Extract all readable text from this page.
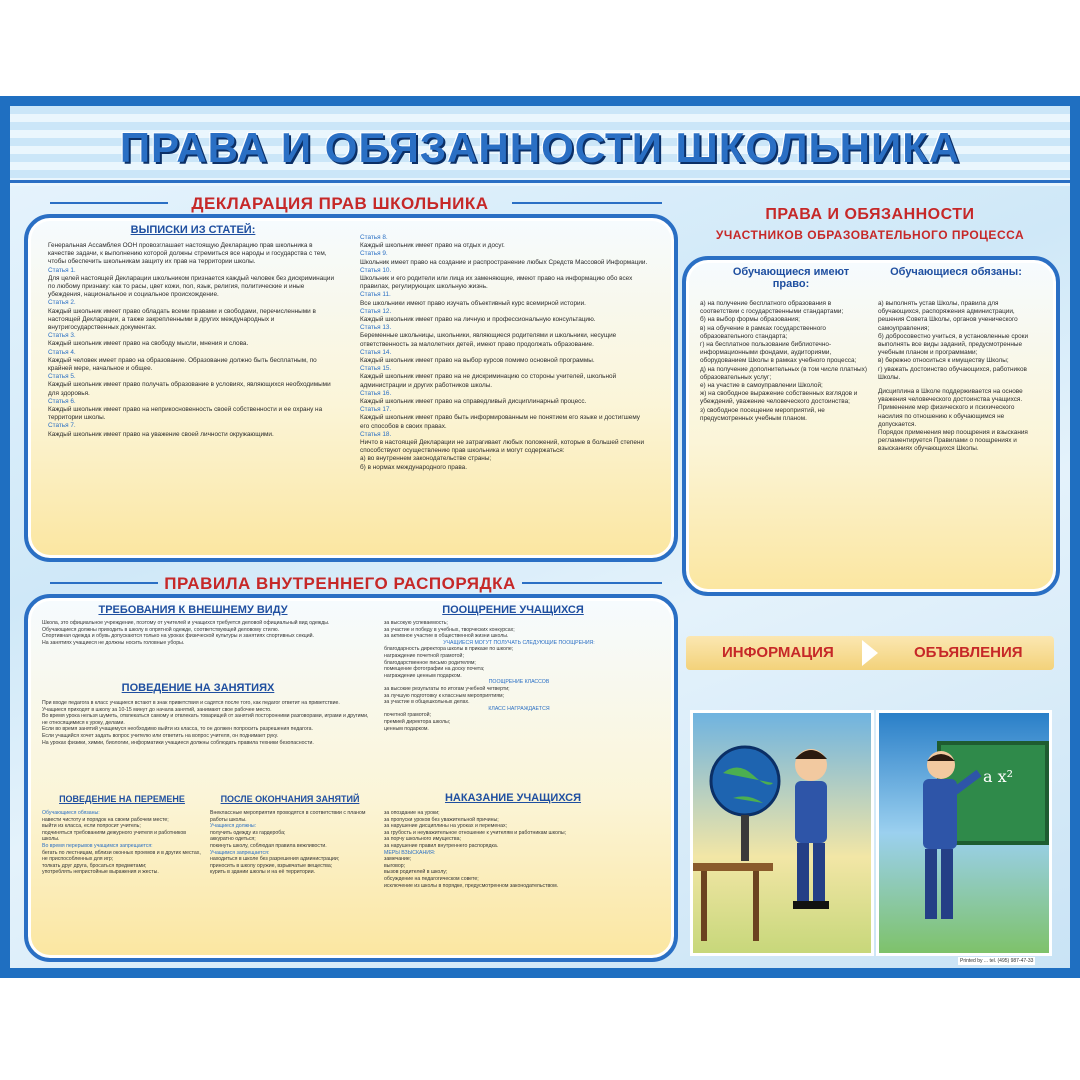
ПРАВА И ОБЯЗАННОСТИ ШКОЛЬНИКА
ДЕКЛАРАЦИЯ ПРАВ ШКОЛЬНИКА
ВЫПИСКИ ИЗ СТАТЕЙ:

Генеральная Ассамблея ООН провозглашает настоящую Декларацию прав школьника в качестве задачи, к выполнению которой должны стремиться все народы и государства с тем, чтобы обеспечить школьникам защиту их прав на территории школы.

Статья 1.

Для целей настоящей Декларации школьником признается каждый человек без дискриминации по любому признаку: как то расы, цвет кожи, пол, язык, религия, политические и иные убеждения, национальное и социальное происхождение.

Статья 2.

Каждый школьник имеет право обладать всеми правами и свободами, перечисленными в настоящей Декларации, а также закрепленными в других международных и внутригосударственных документах.

Статья 3.

Каждый школьник имеет право на свободу мысли, мнения и слова.

Статья 4.

Каждый человек имеет право на образование. Образование должно быть бесплатным, по крайней мере, начальное и общее.

Статья 5.

Каждый школьник имеет право получать образование в условиях, являющихся необходимыми для здоровья.

Статья 6.

Каждый школьник имеет право на неприкосновенность своей собственности и ее охрану на территории школы.

Статья 7.

Каждый школьник имеет право на уважение своей личности окружающими.

Статья 8.

Каждый школьник имеет право на отдых и досуг.

Статья 9.

Школьник имеет право на создание и распространение любых Средств Массовой Информации.

Статья 10.

Школьник и его родители или лица их заменяющие, имеют право на информацию обо всех правилах, регулирующих школьную жизнь.

Статья 11.

Все школьники имеют право изучать объективный курс всемирной истории.

Статья 12.

Каждый школьник имеет право на личную и профессиональную консультацию.

Статья 13.

Беременные школьницы, школьники, являющиеся родителями и школьники, несущие ответственность за малолетних детей, имеют право продолжать образование.

Статья 14.

Каждый школьник имеет право на выбор курсов помимо основной программы.

Статья 15.

Каждый школьник имеет право на не дискриминацию со стороны учителей, школьной администрации и других работников школы.

Статья 16.

Каждый школьник имеет право на справедливый дисциплинарный процесс.

Статья 17.

Каждый школьник имеет право быть информированным не понятием его языке и достигшему его способов в своих правах.

Статья 18.

Ничто в настоящей Декларации не затрагивает любых положений, которые в большей степени способствуют осуществлению прав школьника и могут содержаться:

а) во внутреннем законодательстве страны;

б) в нормах международного права.

ПРАВА И ОБЯЗАННОСТИ
УЧАСТНИКОВ ОБРАЗОВАТЕЛЬНОГО ПРОЦЕССА
Обучающиеся имеют право:
Обучающиеся обязаны:

а) на получение бесплатного образования в соответствии с государственными стандартами;

б) на выбор формы образования;

в) на обучение в рамках государственного образовательного стандарта;

г) на бесплатное пользование библиотечно-информационными фондами, аудиториями, оборудованием Школы в рамках учебного процесса;

д) на получение дополнительных (в том числе платных) образовательных услуг;

е) на участие в самоуправлении Школой;

ж) на свободное выражение собственных взглядов и убеждений, уважение человеческого достоинства;

з) свободное посещение мероприятий, не предусмотренных учебным планом.

а) выполнять устав Школы, правила для обучающихся, распоряжения администрации, решения Совета Школы, органов ученического самоуправления;

б) добросовестно учиться, в установленные сроки выполнять все виды заданий, предусмотренные учебным планом и программами;

в) бережно относиться к имуществу Школы;

г) уважать достоинство обучающихся, работников Школы.

Дисциплина в Школе поддерживается на основе уважения человеческого достоинства учащихся.

Применение мер физического и психического насилия по отношению к обучающимся не допускается.

Порядок применения мер поощрения и взыскания регламентируется Правилами о поощрениях и взысканиях обучающихся Школы.

ПРАВИЛА ВНУТРЕННЕГО РАСПОРЯДКА
ТРЕБОВАНИЯ К ВНЕШНЕМУ ВИДУ

Школа, это официальное учреждение, поэтому от учителей и учащихся требуется деловой официальный вид одежды.

Обучающиеся должны приходить в школу в опрятной одежде, соответствующей деловому стилю.

Спортивная одежда и обувь допускаются только на уроках физической культуры и занятиях спортивных секций.

На занятиях учащиеся не должны носить головные уборы.

ПОВЕДЕНИЕ НА ЗАНЯТИЯХ

При входе педагога в класс учащиеся встают в знак приветствия и садятся после того, как педагог ответит на приветствие.

Учащиеся приходят в школу за 10-15 минут до начала занятий, занимают свое рабочее место.

Во время урока нельзя шуметь, отвлекаться самому и отвлекать товарищей от занятий посторонними разговорами, играми и другими, не относящимися к уроку, делами.

Если во время занятий учащемуся необходимо выйти из класса, то он должен попросить разрешения педагога.

Если учащийся хочет задать вопрос учителю или ответить на вопрос учителя, он поднимает руку.

На уроках физики, химии, биологии, информатики учащиеся должны соблюдать правила техники безопасности.

ПОВЕДЕНИЕ НА ПЕРЕМЕНЕ

Обучающиеся обязаны:

навести чистоту и порядок на своем рабочем месте;

выйти из класса, если попросит учитель;

подчиняться требованиям дежурного учителя и работников школы.

Во время перерывов учащимся запрещается:

бегать по лестницам, вблизи оконных проемов и в других местах, не приспособленных для игр;

толкать друг друга, бросаться предметами;

употреблять непристойные выражения и жесты.

ПОСЛЕ ОКОНЧАНИЯ ЗАНЯТИЙ

Внеклассные мероприятия проводятся в соответствии с планом работы школы.

Учащиеся должны:

получить одежду из гардероба;

аккуратно одеться;

покинуть школу, соблюдая правила вежливости.

Учащимся запрещается:

находиться в школе без разрешения администрации;

приносить в школу оружие, взрывчатые вещества;

курить в здании школы и на её территории.

ПООЩРЕНИЕ УЧАЩИХСЯ

за высокую успеваемость;

за участие и победу в учебных, творческих конкурсах;

за активное участие в общественной жизни школы.

УЧАЩИЕСЯ МОГУТ ПОЛУЧАТЬ СЛЕДУЮЩИЕ ПООЩРЕНИЯ:

благодарность директора школы в приказе по школе;

награждение почетной грамотой;

благодарственное письмо родителям;

помещение фотографии на доску почета;

награждение ценным подарком.

ПООЩРЕНИЕ КЛАССОВ

за высокие результаты по итогам учебной четверти;

за лучшую подготовку к классным мероприятиям;

за участие в общешкольных делах.

КЛАСС НАГРАЖДАЕТСЯ

почетной грамотой;

премией директора школы;

ценным подарком.

НАКАЗАНИЕ УЧАЩИХСЯ

за опоздание на уроки;

за пропуски уроков без уважительной причины;

за нарушение дисциплины на уроках и переменах;

за грубость и неуважительное отношение к учителям и работникам школы;

за порчу школьного имущества;

за нарушение правил внутреннего распорядка.

МЕРЫ ВЗЫСКАНИЯ:

замечание;

выговор;

вызов родителей в школу;

обсуждение на педагогическом совете;

исключение из школы в порядке, предусмотренном законодательством.

ИНФОРМАЦИЯ	ОБЪЯВЛЕНИЯ
a x²
Printed by ... tel. (495) 987-47-33
